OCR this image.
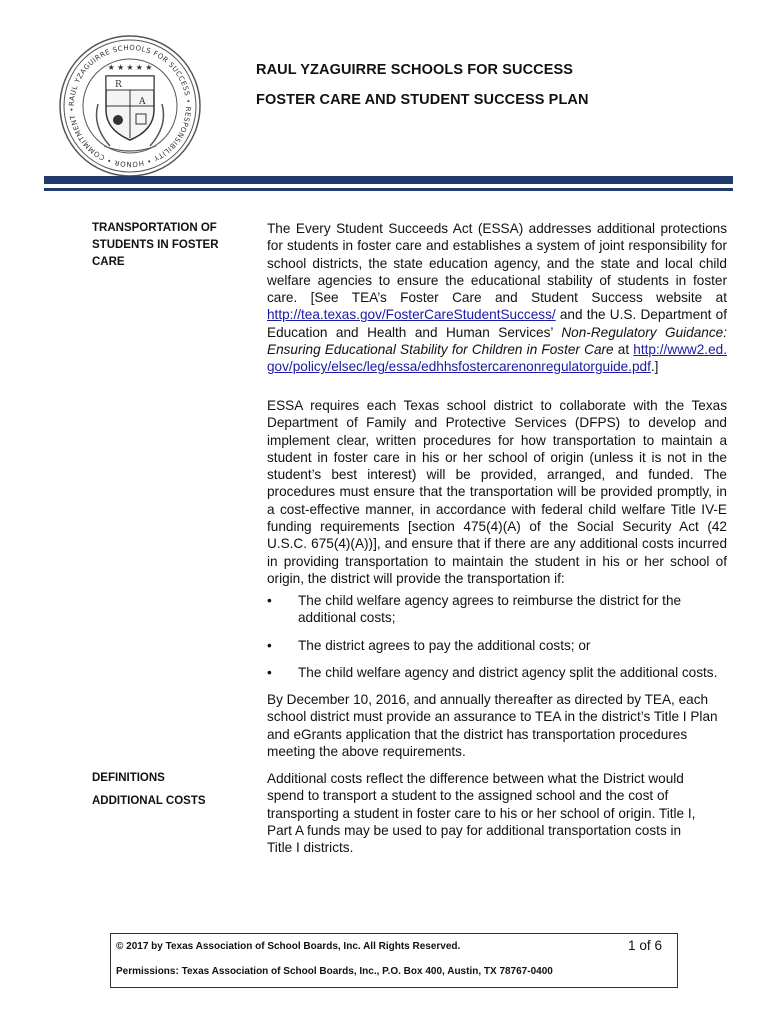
RAUL YZAGUIRRE SCHOOLS FOR SUCCESS • RESPONSIBILITY • HONOR • COMMITMENT •
★ ★ ★ ★ ★
R
A
RAUL YZAGUIRRE SCHOOLS FOR SUCCESS
FOSTER CARE AND STUDENT SUCCESS PLAN
TRANSPORTATION OF
STUDENTS IN FOSTER
CARE
DEFINITIONS
ADDITIONAL COSTS
The Every Student Succeeds Act (ESSA) addresses additional protections for students in foster care and establishes a system of joint responsibility for school districts, the state education agency, and the state and local child welfare agencies to ensure the educational stability of students in foster care. [See TEA’s Foster Care and Student Success website at http://tea.texas.gov/FosterCareStudentSuccess/ and the U.S. Department of Education and Health and Human Services’ Non-Regulatory Guidance: Ensuring Educational Stability for Children in Foster Care at http://www2.ed.gov/policy/elsec/leg/essa/edhhsfostercarenonregulatorguide.pdf.]
ESSA requires each Texas school district to collaborate with the Texas Department of Family and Protective Services (DFPS) to develop and implement clear, written procedures for how transportation to maintain a student in foster care in his or her school of origin (unless it is not in the student’s best interest) will be provided, arranged, and funded. The procedures must ensure that the transportation will be provided promptly, in a cost-effective manner, in accordance with federal child welfare Title IV-E funding requirements [section 475(4)(A) of the Social Security Act (42 U.S.C. 675(4)(A))], and ensure that if there are any additional costs incurred in providing transportation to maintain the student in his or her school of origin, the district will provide the transportation if:
•	The child welfare agency agrees to reimburse the district for the additional costs;
•	The district agrees to pay the additional costs; or
•	The child welfare agency and district agency split the additional costs.
By December 10, 2016, and annually thereafter as directed by TEA, each school district must provide an assurance to TEA in the district’s Title I Plan and eGrants application that the district has transportation procedures meeting the above requirements.
Additional costs reflect the difference between what the District would spend to transport a student to the assigned school and the cost of transporting a student in foster care to his or her school of origin. Title I, Part A funds may be used to pay for additional transportation costs in Title I districts.
© 2017 by Texas Association of School Boards, Inc. All Rights Reserved.
Permissions: Texas Association of School Boards, Inc., P.O. Box 400, Austin, TX 78767-0400
1 of 6
